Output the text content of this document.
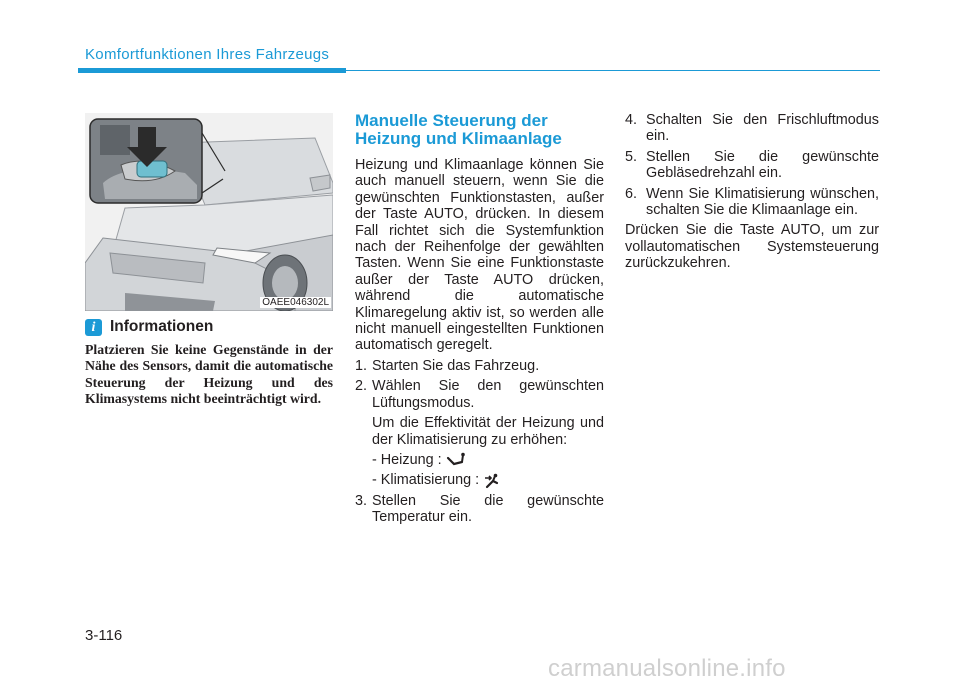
Komfortfunktionen Ihres Fahrzeugs
OAEE046302L
i Informationen
Platzieren Sie keine Gegenstände in der Nähe des Sensors, damit die automatische Steuerung der Heizung und des Klimasystems nicht beeinträchtigt wird.
Manuelle Steuerung der Heizung und Klimaanlage

Heizung und Klimaanlage können Sie auch manuell steuern, wenn Sie die gewünschten Funktionstasten, außer der Taste AUTO, drücken. In diesem Fall richtet sich die Systemfunktion nach der Reihenfolge der gewählten Tasten. Wenn Sie eine Funktionstaste außer der Taste AUTO drücken, während die automatische Klimaregelung aktiv ist, so werden alle nicht manuell eingestellten Funktionen automatisch geregelt.

1. Starten Sie das Fahrzeug.
2. Wählen Sie den gewünschten Lüftungsmodus.
Um die Effektivität der Heizung und der Klimatisierung zu erhöhen:
- Heizung :
- Klimatisierung :
3. Stellen Sie die gewünschte Temperatur ein.
4. Schalten Sie den Frischluftmodus ein.
5. Stellen Sie die gewünschte Gebläsedrehzahl ein.
6. Wenn Sie Klimatisierung wünschen, schalten Sie die Klimaanlage ein.

Drücken Sie die Taste AUTO, um zur vollautomatischen Systemsteuerung zurückzukehren.

3-116
carmanualsonline.info
